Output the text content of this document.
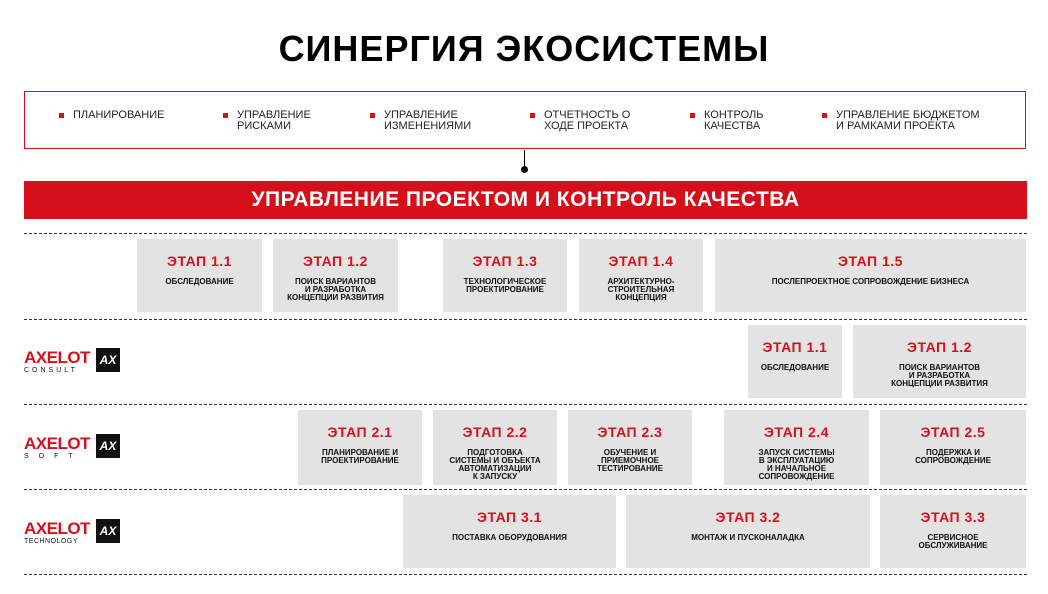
СИНЕРГИЯ ЭКОСИСТЕМЫ
ПЛАНИРОВАНИЕ	УПРАВЛЕНИЕ
РИСКАМИ
УПРАВЛЕНИЕ
ИЗМЕНЕНИЯМИ
ОТЧЕТНОСТЬ О
ХОДЕ ПРОЕКТА
КОНТРОЛЬ
КАЧЕСТВА
УПРАВЛЕНИЕ БЮДЖЕТОМ
И РАМКАМИ ПРОЕКТА
УПРАВЛЕНИЕ ПРОЕКТОМ И КОНТРОЛЬ КАЧЕСТВА
ЭТАП 1.1
ОБСЛЕДОВАНИЕ
ЭТАП 1.2
ПОИСК ВАРИАНТОВ
И РАЗРАБОТКА
КОНЦЕПЦИИ РАЗВИТИЯ
ЭТАП 1.3
ТЕХНОЛОГИЧЕСКОЕ
ПРОЕКТИРОВАНИЕ
ЭТАП 1.4
АРХИТЕКТУРНО-
СТРОИТЕЛЬНАЯ
КОНЦЕПЦИЯ
ЭТАП 1.5
ПОСЛЕПРОЕКТНОЕ СОПРОВОЖДЕНИЕ БИЗНЕСА
AXELOT
CONSULT
AX
ЭТАП 1.1
ОБСЛЕДОВАНИЕ
ЭТАП 1.2
ПОИСК ВАРИАНТОВ
И РАЗРАБОТКА
КОНЦЕПЦИИ РАЗВИТИЯ
AXELOT
SOFT
AX
ЭТАП 2.1
ПЛАНИРОВАНИЕ И
ПРОЕКТИРОВАНИЕ
ЭТАП 2.2
ПОДГОТОВКА
СИСТЕМЫ И ОБЪЕКТА
АВТОМАТИЗАЦИИ
К ЗАПУСКУ
ЭТАП 2.3
ОБУЧЕНИЕ И
ПРИЕМОЧНОЕ
ТЕСТИРОВАНИЕ
ЭТАП 2.4
ЗАПУСК СИСТЕМЫ
В ЭКСПЛУАТАЦИЮ
И НАЧАЛЬНОЕ
СОПРОВОЖДЕНИЕ
ЭТАП 2.5
ПОДЕРЖКА И
СОПРОВОЖДЕНИЕ
AXELOT
TECHNOLOGY
AX
ЭТАП 3.1
ПОСТАВКА ОБОРУДОВАНИЯ
ЭТАП 3.2
МОНТАЖ И ПУСКОНАЛАДКА
ЭТАП 3.3
СЕРВИСНОЕ
ОБСЛУЖИВАНИЕ
